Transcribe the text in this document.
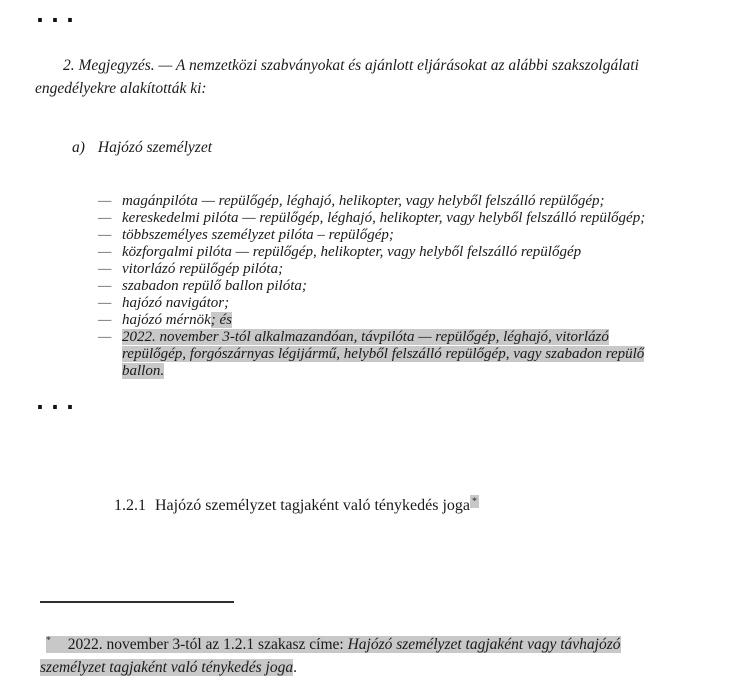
...
2. Megjegyzés. — A nemzetközi szabványokat és ajánlott eljárásokat az alábbi szakszolgálati
engedélyekre alakították ki:
a) Hajózó személyzet
— magánpilóta — repülőgép, léghajó, helikopter, vagy helyből felszálló repülőgép;
— kereskedelmi pilóta — repülőgép, léghajó, helikopter, vagy helyből felszálló repülőgép;
— többszemélyes személyzet pilóta – repülőgép;
— közforgalmi pilóta — repülőgép, helikopter, vagy helyből felszálló repülőgép
— vitorlázó repülőgép pilóta;
— szabadon repülő ballon pilóta;
— hajózó navigátor;
— hajózó mérnök; és
— 2022. november 3-tól alkalmazandóan, távpilóta — repülőgép, léghajó, vitorlázó
repülőgép, forgószárnyas légijármű, helyből felszálló repülőgép, vagy szabadon repülő
ballon.
...
1.2.1 Hajózó személyzet tagjaként való ténykedés joga *
* 2022. november 3-tól az 1.2.1 szakasz címe: Hajózó személyzet tagjaként vagy távhajózó
személyzet tagjaként való ténykedés joga.
